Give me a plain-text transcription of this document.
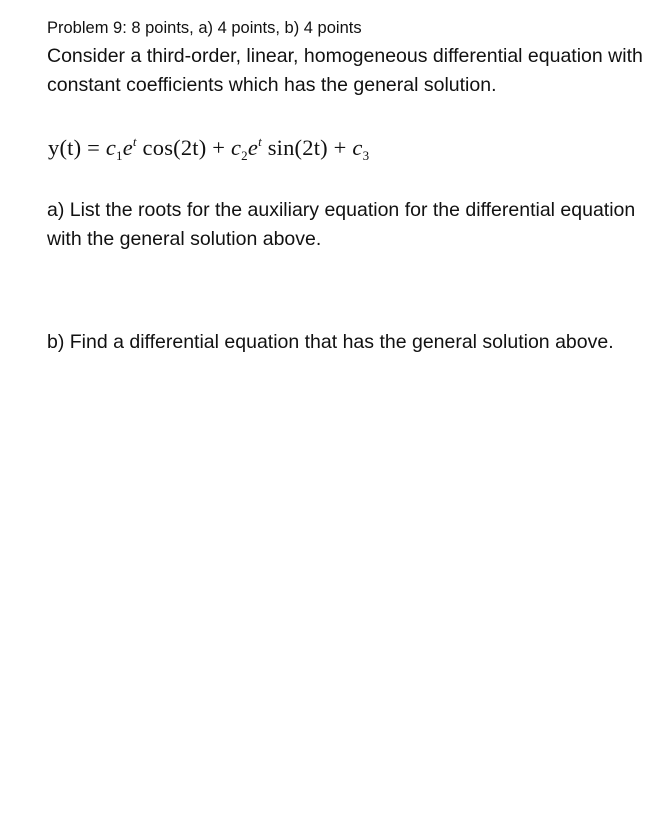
Problem 9: 8 points, a) 4 points, b) 4 points
Consider a third-order, linear, homogeneous differential equation with constant coefficients which has the general solution.
$y(t) = c_1e^t$ $\cos(2t) + c_2e^t$ $\sin(2t) + c_3$
a) List the roots for the auxiliary equation for the differential equation with the general solution above.
b) Find a differential equation that has the general solution above.
